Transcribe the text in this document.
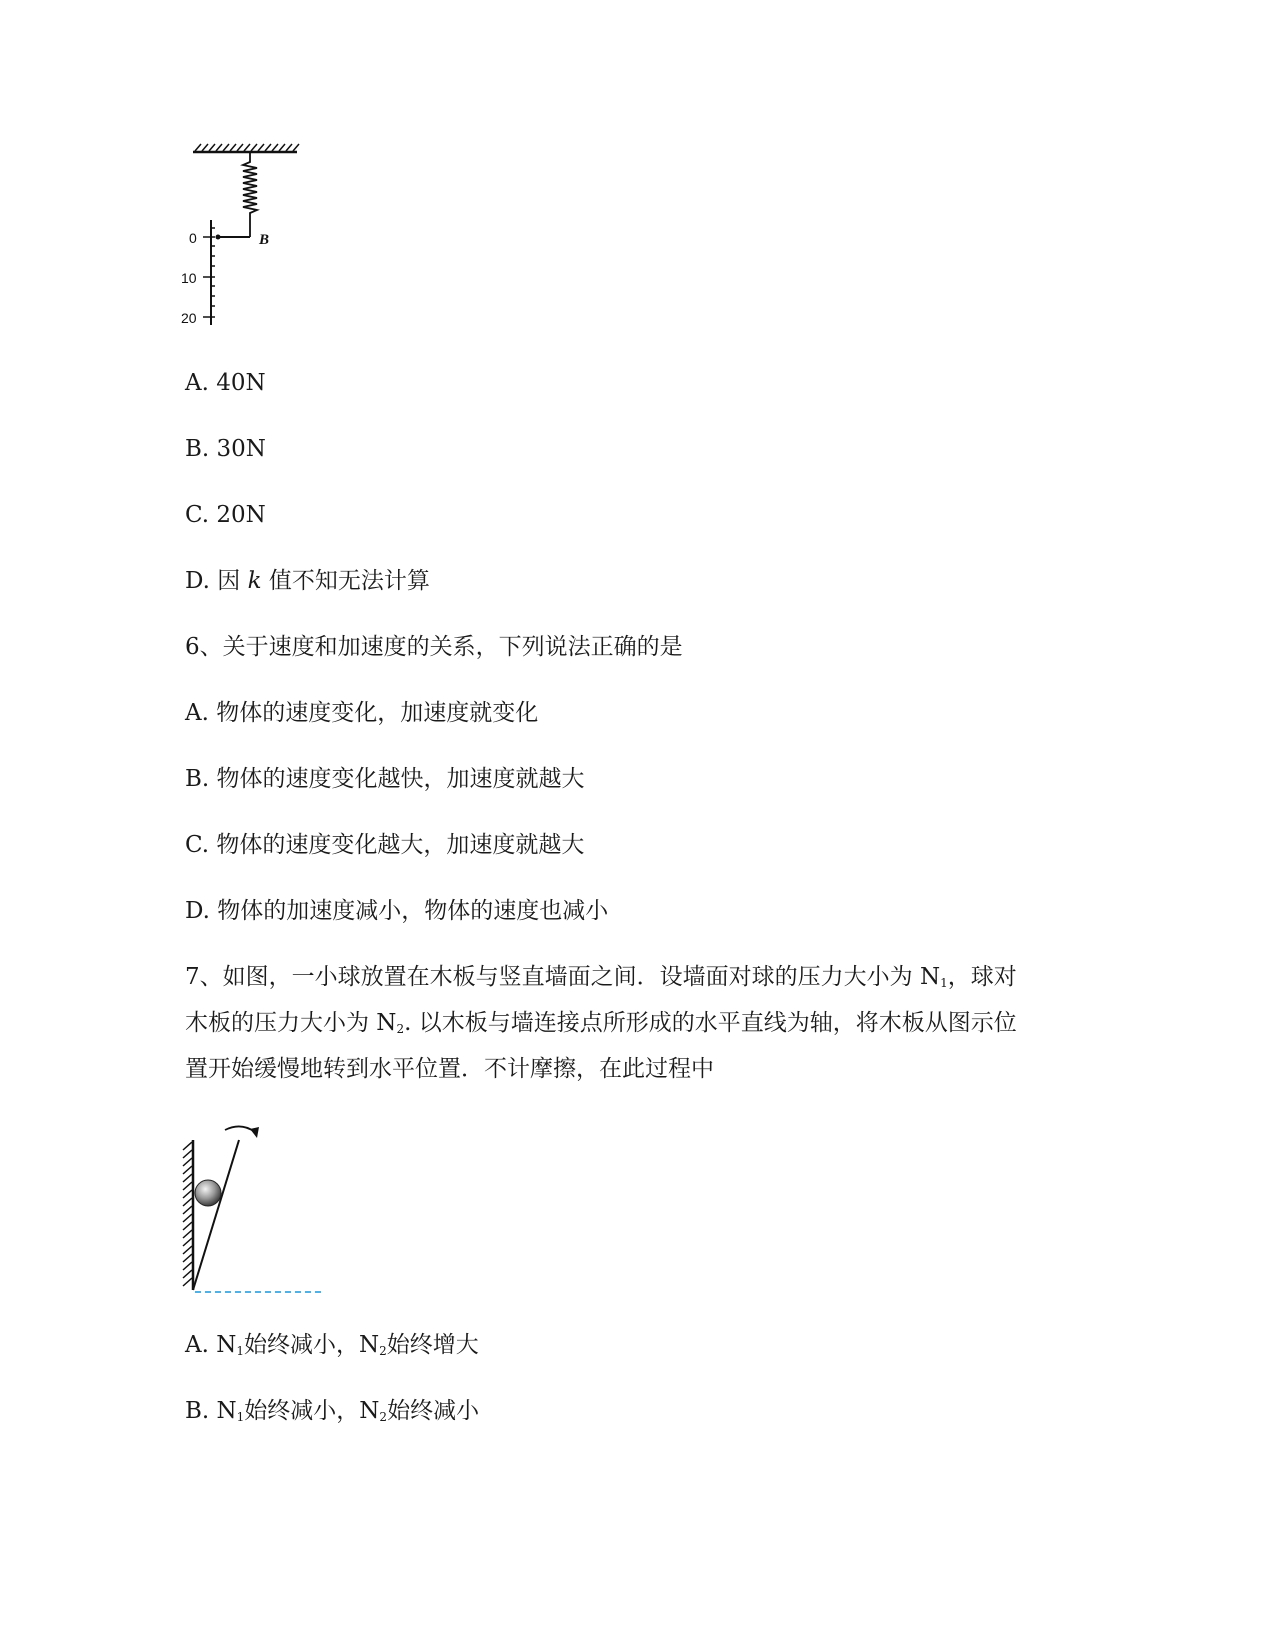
0
10
20
B
A. 40N
B. 30N
C. 20N
D. 因 k 值不知无法计算
6、关于速度和加速度的关系，下列说法正确的是
A. 物体的速度变化，加速度就变化
B. 物体的速度变化越快，加速度就越大
C. 物体的速度变化越大，加速度就越大
D. 物体的加速度减小，物体的速度也减小
7、如图，一小球放置在木板与竖直墙面之间．设墙面对球的压力大小为 $N_1$，球对
木板的压力大小为 $N_2$. 以木板与墙连接点所形成的水平直线为轴，将木板从图示位
置开始缓慢地转到水平位置．不计摩擦，在此过程中
A. $N_1$始终减小，$N_2$始终增大
B. $N_1$始终减小，$N_2$始终减小
